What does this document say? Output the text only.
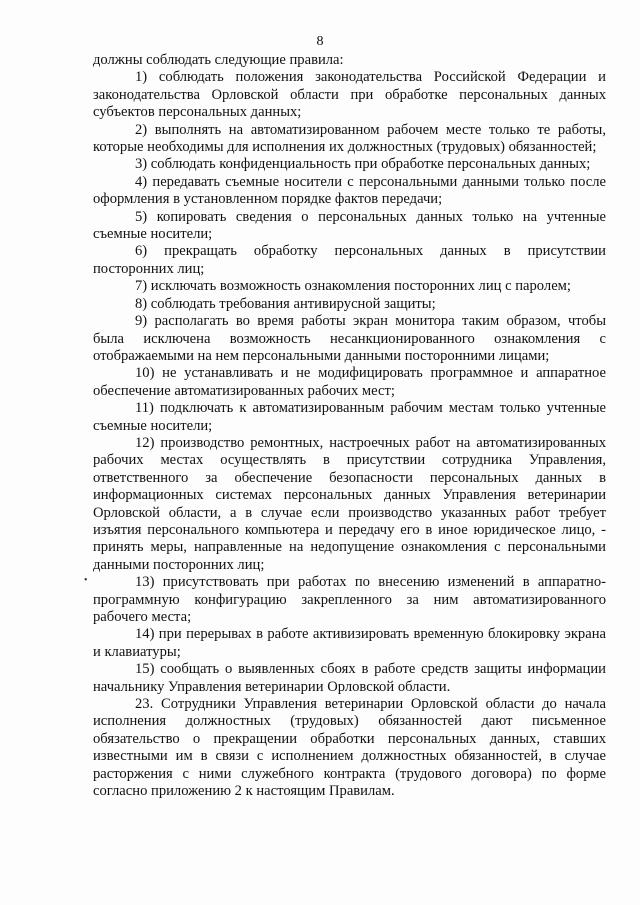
8

должны соблюдать следующие правила:

1) соблюдать положения законодательства Российской Федерации и законодательства Орловской области при обработке персональных данных субъектов персональных данных;

2) выполнять на автоматизированном рабочем месте только те работы, которые необходимы для исполнения их должностных (трудовых) обязанностей;

3) соблюдать конфиденциальность при обработке персональных данных;

4) передавать съемные носители с персональными данными только после оформления в установленном порядке фактов передачи;

5) копировать сведения о персональных данных только на учтенные съемные носители;

6) прекращать обработку персональных данных в присутствии посторонних лиц;

7) исключать возможность ознакомления посторонних лиц с паролем;

8) соблюдать требования антивирусной защиты;

9) располагать во время работы экран монитора таким образом, чтобы была исключена возможность несанкционированного ознакомления с отображаемыми на нем персональными данными посторонними лицами;

10) не устанавливать и не модифицировать программное и аппаратное обеспечение автоматизированных рабочих мест;

11) подключать к автоматизированным рабочим местам только учтенные съемные носители;

12) производство ремонтных, настроечных работ на автоматизированных рабочих местах осуществлять в присутствии сотрудника Управления, ответственного за обеспечение безопасности персональных данных в информационных системах персональных данных Управления ветеринарии Орловской области, а в случае если производство указанных работ требует изъятия персонального компьютера и передачу его в иное юридическое лицо, - принять меры, направленные на недопущение ознакомления с персональными данными посторонних лиц;

13) присутствовать при работах по внесению изменений в аппаратно-программную конфигурацию закрепленного за ним автоматизированного рабочего места;

14) при перерывах в работе активизировать временную блокировку экрана и клавиатуры;

15) сообщать о выявленных сбоях в работе средств защиты информации начальнику Управления ветеринарии Орловской области.

23. Сотрудники Управления ветеринарии Орловской области до начала исполнения должностных (трудовых) обязанностей дают письменное обязательство о прекращении обработки персональных данных, ставших известными им в связи с исполнением должностных обязанностей, в случае расторжения с ними служебного контракта (трудового договора) по форме согласно приложению 2 к настоящим Правилам.

•
